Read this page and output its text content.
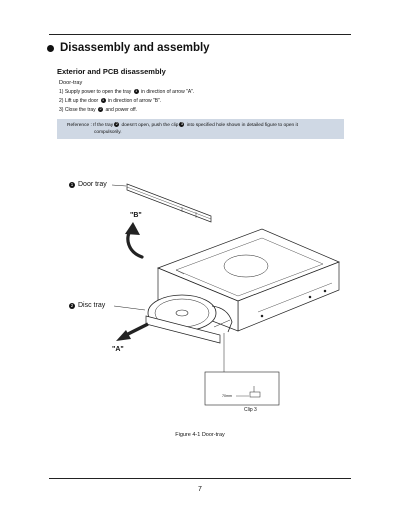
Disassembly and assembly
Exterior and PCB disassembly
Door-tray
1) Supply power to open the tray 1 in direction of arrow "A".
2) Lift up the door 1 in direction of arrow "B".
3) Close the tray 2 and power off.
Reference : If the tray 2 doesn't open, push the clip 3 into specified hole shown in detailed figure to open it
compulsorily.
70mm
1 Door tray
2 Disc tray
"B"
"A"
Clip 3
Figure 4-1 Door-tray
7
